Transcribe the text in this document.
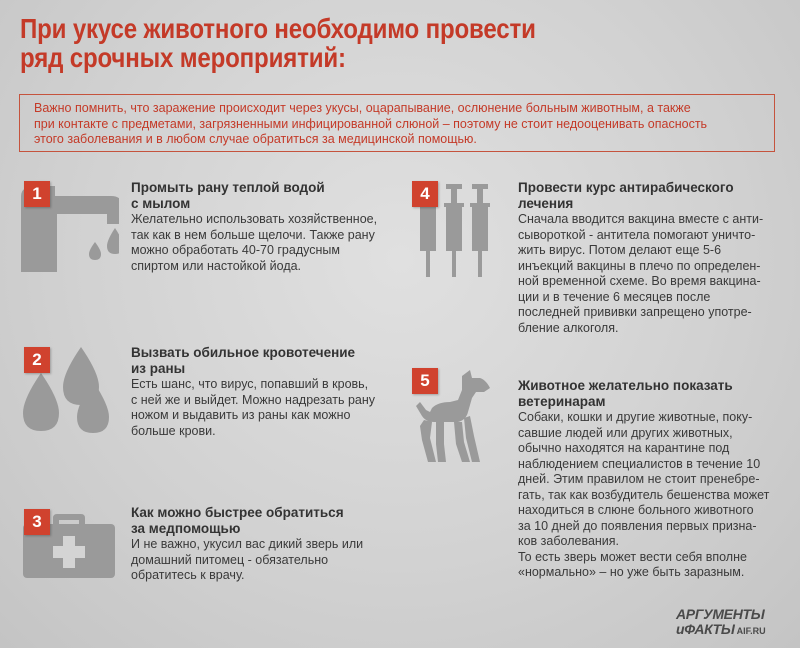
При укусе животного необходимо провести
ряд срочных мероприятий:
Важно помнить, что заражение происходит через укусы, оцарапывание, ослюнение больным животным, а также
при контакте с предметами, загрязненными инфицированной слюной – поэтому не стоит недооценивать опасность
этого заболевания и в любом случае обратиться за медицинской помощью.
1	Промыть рану теплой водой
с мылом
Желательно использовать хозяйственное,
так как в нем больше щелочи. Также рану
можно обработать 40-70 градусным
спиртом или настойкой йода.
2	Вызвать обильное кровотечение
из раны
Есть шанс, что вирус, попавший в кровь,
с ней же и выйдет. Можно надрезать рану
ножом и выдавить из раны как можно
больше крови.
3	Как можно быстрее обратиться
за медпомощью
И не важно, укусил вас дикий зверь или
домашний питомец - обязательно
обратитесь к врачу.
4	Провести курс антирабического
лечения
Сначала вводится вакцина вместе с анти-
сывороткой - антитела помогают уничто-
жить вирус. Потом делают еще 5-6
инъекций вакцины в плечо по определен-
ной временной схеме. Во время вакцина-
ции и в течение 6 месяцев после
последней прививки запрещено употре-
бление алкоголя.
5	Животное желательно показать
ветеринарам
Собаки, кошки и другие животные, поку-
савшие людей или других животных,
обычно находятся на карантине под
наблюдением специалистов в течение 10
дней. Этим правилом не стоит пренебре-
гать, так как возбудитель бешенства может
находиться в слюне больного животного
за 10 дней до появления первых призна-
ков заболевания.
То есть зверь может вести себя вполне
«нормально» – но уже быть заразным.
АРГУМЕНТЫ
иФАКТЫ AIF.RU
